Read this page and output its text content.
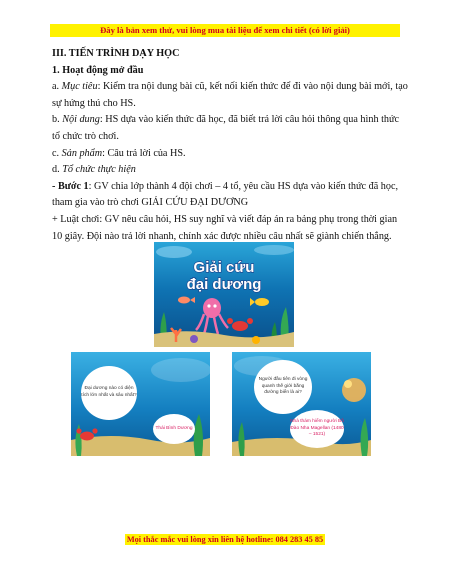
Đây là bản xem thử, vui lòng mua tài liệu để xem chi tiết (có lời giải)

III. TIẾN TRÌNH DẠY HỌC

1. Hoạt động mở đầu

a. Mục tiêu: Kiểm tra nội dung bài cũ, kết nối kiến thức để đi vào nội dung bài mới, tạo sự hứng thú cho HS.

b. Nội dung: HS dựa vào kiến thức đã học, đã biết trả lời câu hỏi thông qua hình thức tổ chức trò chơi.

c. Sản phẩm: Câu trả lời của HS.

d. Tổ chức thực hiện

- Bước 1: GV chia lớp thành 4 đội chơi – 4 tổ, yêu cầu HS dựa vào kiến thức đã học, tham gia vào trò chơi GIẢI CỨU ĐẠI DƯƠNG

+ Luật chơi: GV nêu câu hỏi, HS suy nghĩ và viết đáp án ra bảng phụ trong thời gian 10 giây. Đội nào trả lời nhanh, chính xác được nhiều câu nhất sẽ giành chiến thắng.

Giải cứu
đại dương
Đại dương nào có diện tích lớn nhất và sâu nhất?
Thái Bình Dương
Người đầu tiên đi vòng quanh thế giới bằng đường biển là ai?
Nhà thám hiểm người Bồ Đào Nha Magellan (1480 – 1521)
Mọi thắc mắc vui lòng xin liên hệ hotline: 084 283 45 85
